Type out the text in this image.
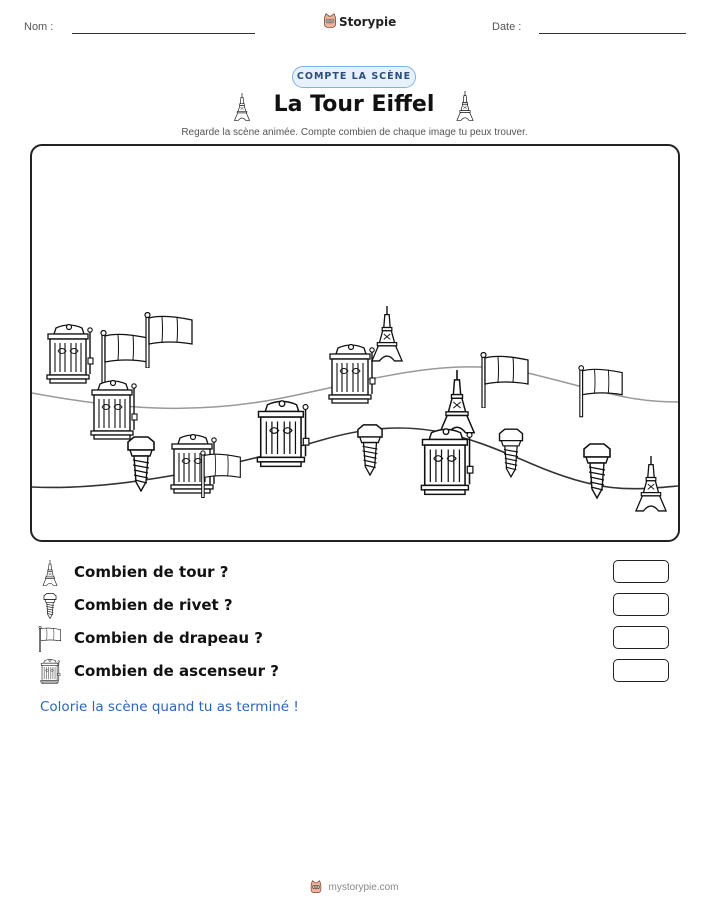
Nom :	Storypie	Date :
COMPTE LA SCÈNE
La Tour Eiffel
Regarde la scène animée. Compte combien de chaque image tu peux trouver.
Combien de tour ?
Combien de rivet ?
Combien de drapeau ?
Combien de ascenseur ?
Colorie la scène quand tu as terminé !
mystorypie.com
